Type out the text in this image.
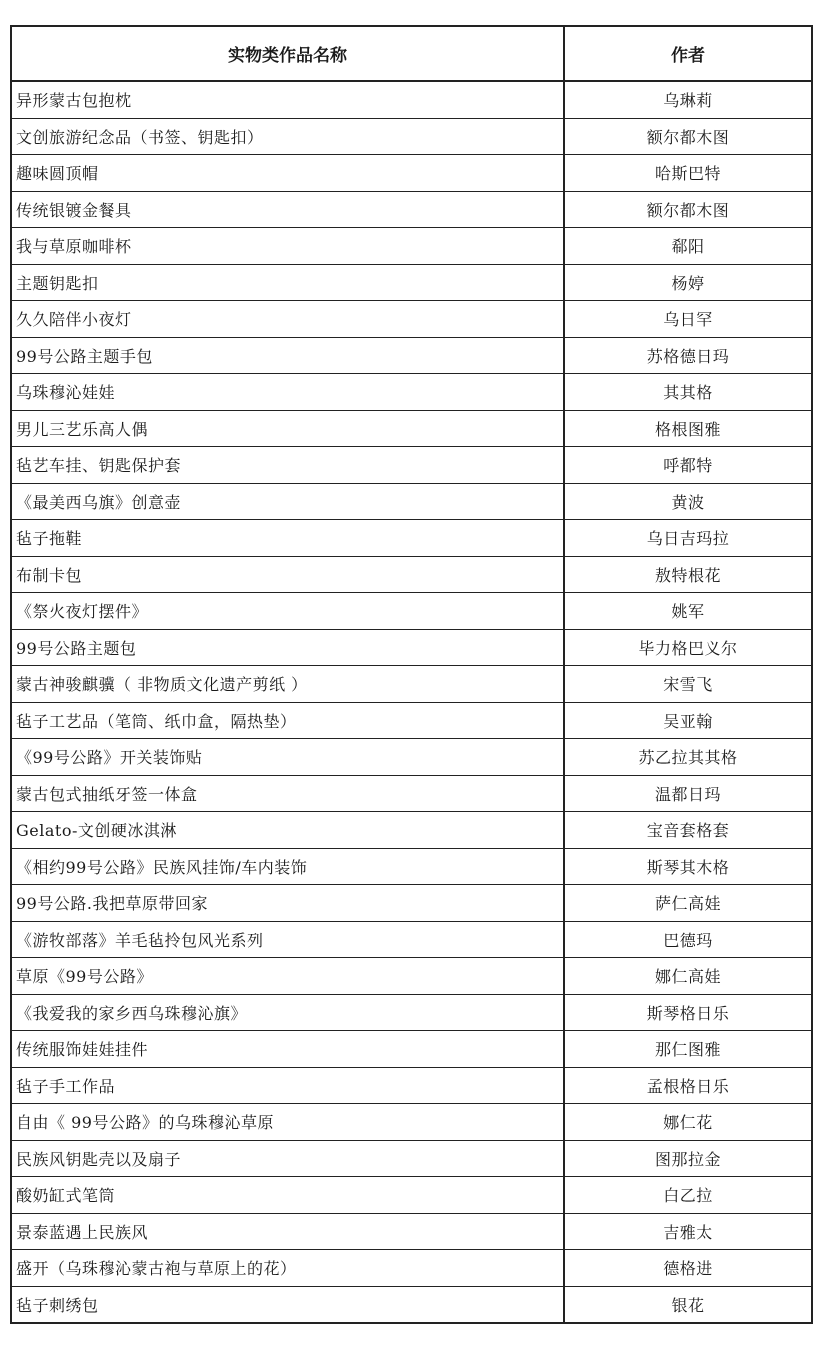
实物类作品名称	作者
异形蒙古包抱枕	乌琳莉
文创旅游纪念品（书签、钥匙扣）	额尔都木图
趣味圆顶帽	哈斯巴特
传统银镀金餐具	额尔都木图
我与草原咖啡杯	郗阳
主题钥匙扣	杨婷
久久陪伴小夜灯	乌日罕
99号公路主题手包	苏格德日玛
乌珠穆沁娃娃	其其格
男儿三艺乐高人偶	格根图雅
毡艺车挂、钥匙保护套	呼都特
《最美西乌旗》创意壶	黄波
毡子拖鞋	乌日吉玛拉
布制卡包	敖特根花
《祭火夜灯摆件》	姚军
99号公路主题包	毕力格巴义尔
蒙古神骏麒骥（ 非物质文化遗产剪纸 ）	宋雪飞
毡子工艺品（笔筒、纸巾盒，隔热垫）	吴亚翰
《99号公路》开关装饰贴	苏乙拉其其格
蒙古包式抽纸牙签一体盒	温都日玛
Gelato-文创硬冰淇淋	宝音套格套
《相约99号公路》民族风挂饰/车内装饰	斯琴其木格
99号公路.我把草原带回家	萨仁高娃
《游牧部落》羊毛毡拎包风光系列	巴德玛
草原《99号公路》	娜仁高娃
《我爱我的家乡西乌珠穆沁旗》	斯琴格日乐
传统服饰娃娃挂件	那仁图雅
毡子手工作品	孟根格日乐
自由《 99号公路》的乌珠穆沁草原	娜仁花
民族风钥匙壳以及扇子	图那拉金
酸奶缸式笔筒	白乙拉
景泰蓝遇上民族风	吉雅太
盛开（乌珠穆沁蒙古袍与草原上的花）	德格进
毡子刺绣包	银花
